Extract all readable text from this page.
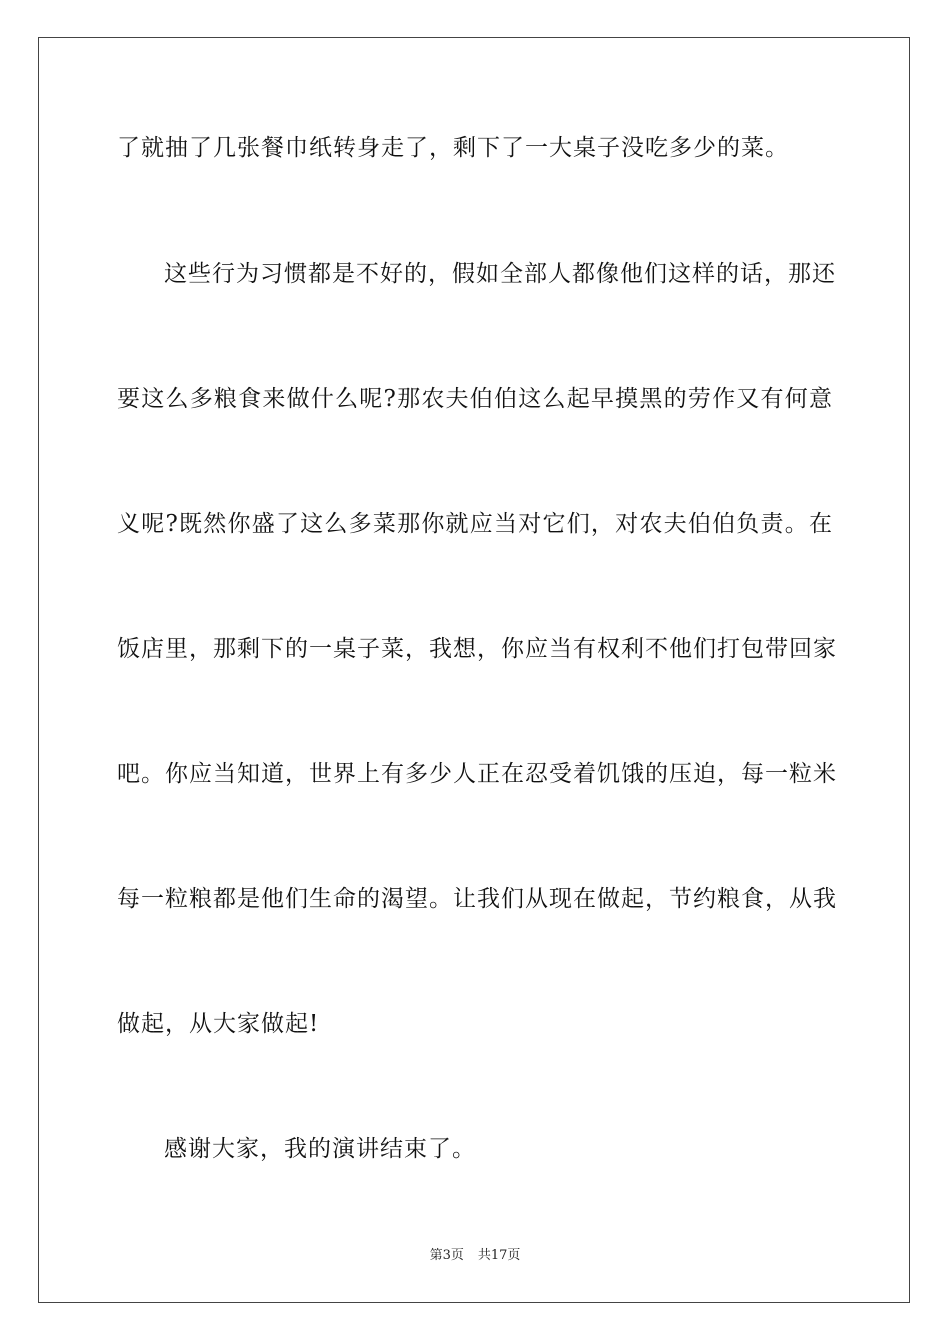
了就抽了几张餐巾纸转身走了，剩下了一大桌子没吃多少的菜。
这些行为习惯都是不好的，假如全部人都像他们这样的话，那还
要这么多粮食来做什么呢?那农夫伯伯这么起早摸黑的劳作又有何意
义呢?既然你盛了这么多菜那你就应当对它们，对农夫伯伯负责。在
饭店里，那剩下的一桌子菜，我想，你应当有权利不他们打包带回家
吧。你应当知道，世界上有多少人正在忍受着饥饿的压迫，每一粒米
每一粒粮都是他们生命的渴望。让我们从现在做起，节约粮食，从我
做起，从大家做起!
感谢大家，我的演讲结束了。
第3页 共17页
